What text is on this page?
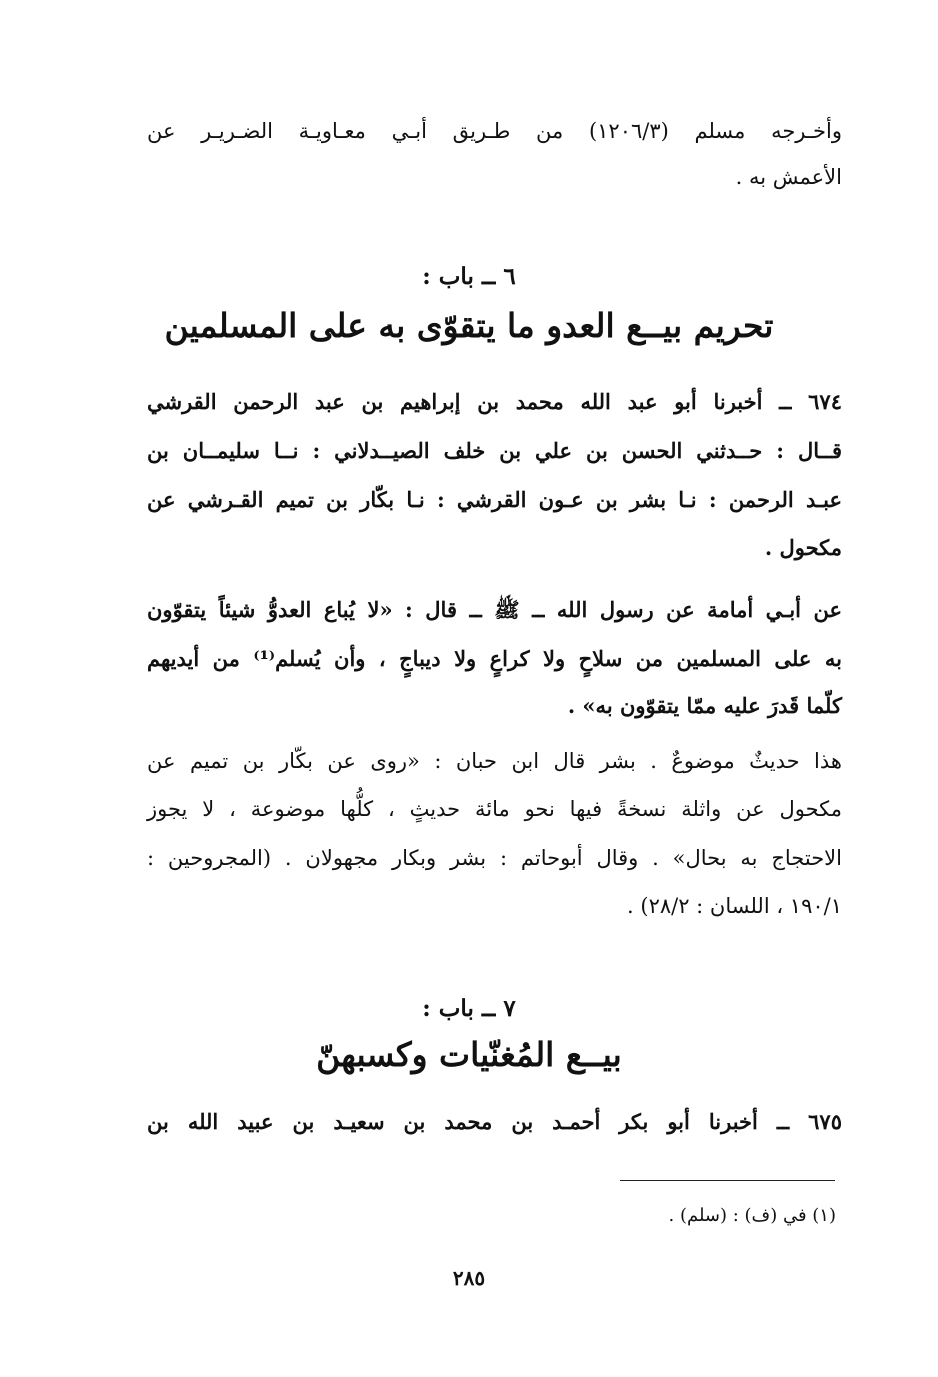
وأخـرجه مسلم (١٢٠٦/٣) من طـريق أبـي معـاويـة الضـريـر عن
الأعمش به .
٦ ــ باب :
تحريم بيــع العدو ما يتقوّى به على المسلمين
٦٧٤ ــ أخبرنا أبو عبد الله محمد بن إبراهيم بن عبد الرحمن القرشي
قــال : حــدثني الحسن بن علي بن خلف الصيــدلاني : نــا سليمــان بن
عبـد الرحمن : نـا بشر بن عـون القرشي : نـا بكّار بن تميم القـرشي عن
مكحول .
عن أبـي أمامة عن رسول الله ــ ﷺ ــ قال : «لا يُباع العدوُّ شيئاً يتقوّون
به على المسلمين من سلاحٍ ولا كراعٍ ولا ديباجٍ ، وأن يُسلم⁽¹⁾ من أيديهم
كلّما قَدرَ عليه ممّا يتقوّون به» .
هذا حديثٌ موضوعٌ . بشر قال ابن حبان : «روى عن بكّار بن تميم عن
مكحول عن واثلة نسخةً فيها نحو مائة حديثٍ ، كلُّها موضوعة ، لا يجوز
الاحتجاج به بحال» . وقال أبوحاتم : بشر وبكار مجهولان . (المجروحين :
١٩٠/١ ، اللسان : ٢٨/٢) .
٧ ــ باب :
بيــع المُغنّيات وكسبهنّ
٦٧٥ ــ أخبرنا أبو بكر أحمـد بن محمد بن سعيـد بن عبيد الله بن
(١) في (ف) : (سلم) .
٢٨٥
